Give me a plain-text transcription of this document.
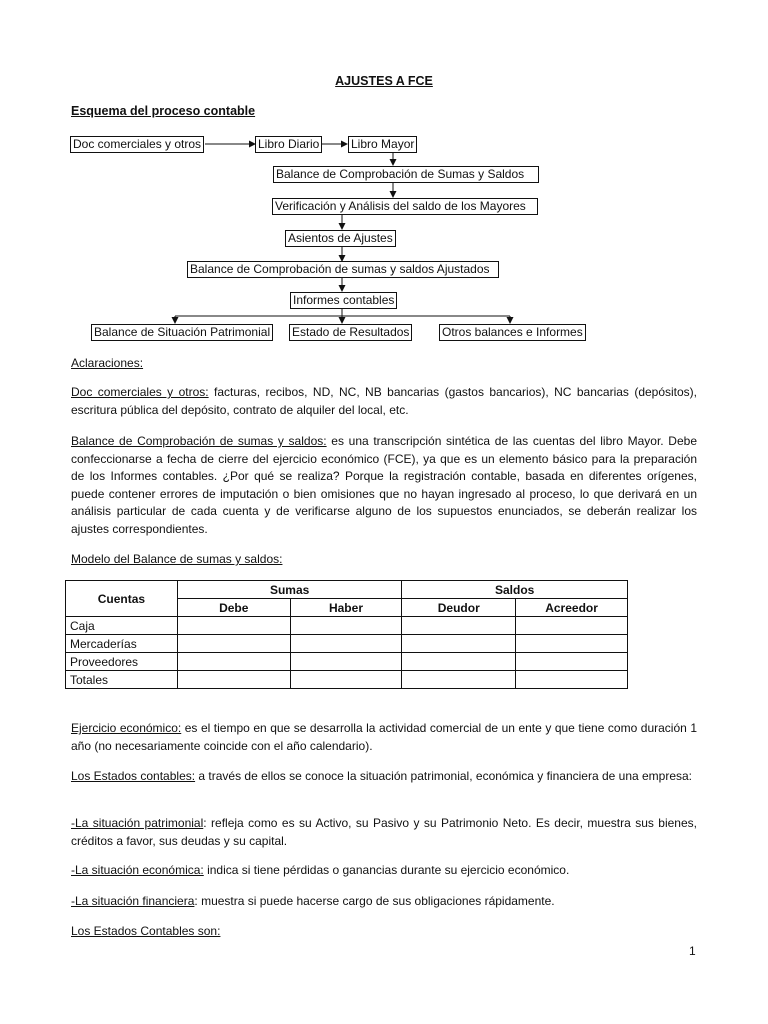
AJUSTES A FCE
Esquema del proceso contable
Doc comerciales y otros	Libro Diario	Libro Mayor
Balance de Comprobación de Sumas y Saldos
Verificación y Análisis del saldo de los Mayores
Asientos de Ajustes
Balance de Comprobación de sumas y saldos Ajustados
Informes contables
Balance de Situación Patrimonial Estado de Resultados	Otros balances e Informes
Aclaraciones:
Doc comerciales y otros: facturas, recibos, ND, NC, NB bancarias (gastos bancarios), NC bancarias (depósitos), escritura pública del depósito, contrato de alquiler del local, etc.
Balance de Comprobación de sumas y saldos: es una transcripción sintética de las cuentas del libro Mayor. Debe confeccionarse a fecha de cierre del ejercicio económico (FCE), ya que es un elemento básico para la preparación de los Informes contables. ¿Por qué se realiza? Porque la registración contable, basada en diferentes orígenes, puede contener errores de imputación o bien omisiones que no hayan ingresado al proceso, lo que derivará en un análisis particular de cada cuenta y de verificarse alguno de los supuestos enunciados, se deberán realizar los ajustes correspondientes.
Modelo del Balance de sumas y saldos:
Cuentas	Sumas		Saldos	
	Debe	Haber	Deudor	Acreedor
Caja				
Mercaderías				
Proveedores				
Totales				
Ejercicio económico: es el tiempo en que se desarrolla la actividad comercial de un ente y que tiene como duración 1 año (no necesariamente coincide con el año calendario).
Los Estados contables: a través de ellos se conoce la situación patrimonial, económica y financiera de una empresa:
-La situación patrimonial: refleja como es su Activo, su Pasivo y su Patrimonio Neto. Es decir, muestra sus bienes, créditos a favor, sus deudas y su capital.
-La situación económica: indica si tiene pérdidas o ganancias durante su ejercicio económico.
-La situación financiera: muestra si puede hacerse cargo de sus obligaciones rápidamente.
Los Estados Contables son:
1
